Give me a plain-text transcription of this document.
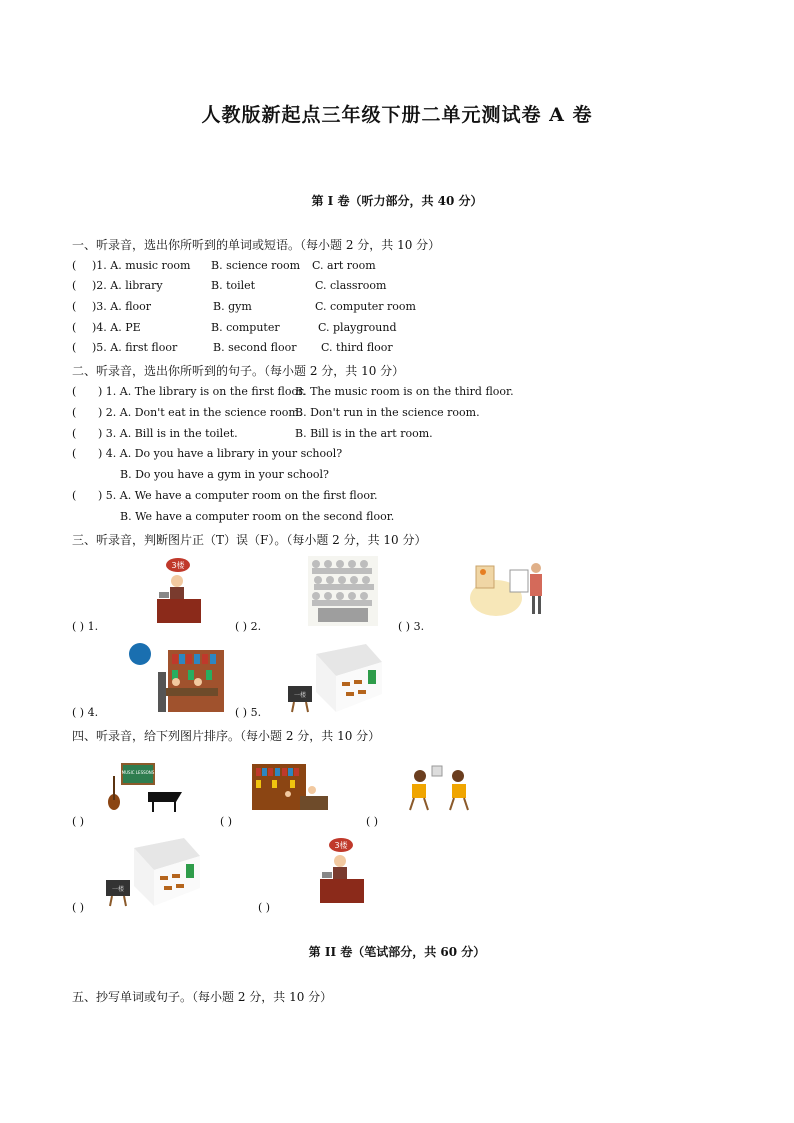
人教版新起点三年级下册二单元测试卷 A 卷
第 I 卷（听力部分，共 40 分）
一、听录音，选出你所听到的单词或短语。（每小题 2 分，共 10 分）
( )1. A. music room B. science room C. art room
( )2. A. library	B. toilet	C. classroom
( )3. A. floor	B. gym	C. computer room
( )4. A. PE	B. computer	C. playground
( )5. A. first floor	B. second floor C. third floor
二、听录音，选出你所听到的句子。（每小题 2 分，共 10 分）
( ) 1. A. The library is on the first floor.
B. The music room is on the third floor.
( ) 2. A. Don't eat in the science room.
B. Don't run in the science room.
( ) 3. A. Bill is in the toilet.	B. Bill is in the art room.
( ) 4. A. Do you have a library in your school?
B. Do you have a gym in your school?
( ) 5. A. We have a computer room on the first floor.
B. We have a computer room on the second floor.
三、听录音，判断图片正（T）误（F）。（每小题 2 分，共 10 分）
( ) 1.	( ) 2.	( ) 3.
( ) 4.	( ) 5.
3楼
一楼
四、听录音，给下列图片排序。（每小题 2 分，共 10 分）
MUSIC LESSONS
( )	( )	( )
一楼
3楼
( )	( )
第 II 卷（笔试部分，共 60 分）
五、抄写单词或句子。（每小题 2 分，共 10 分）
